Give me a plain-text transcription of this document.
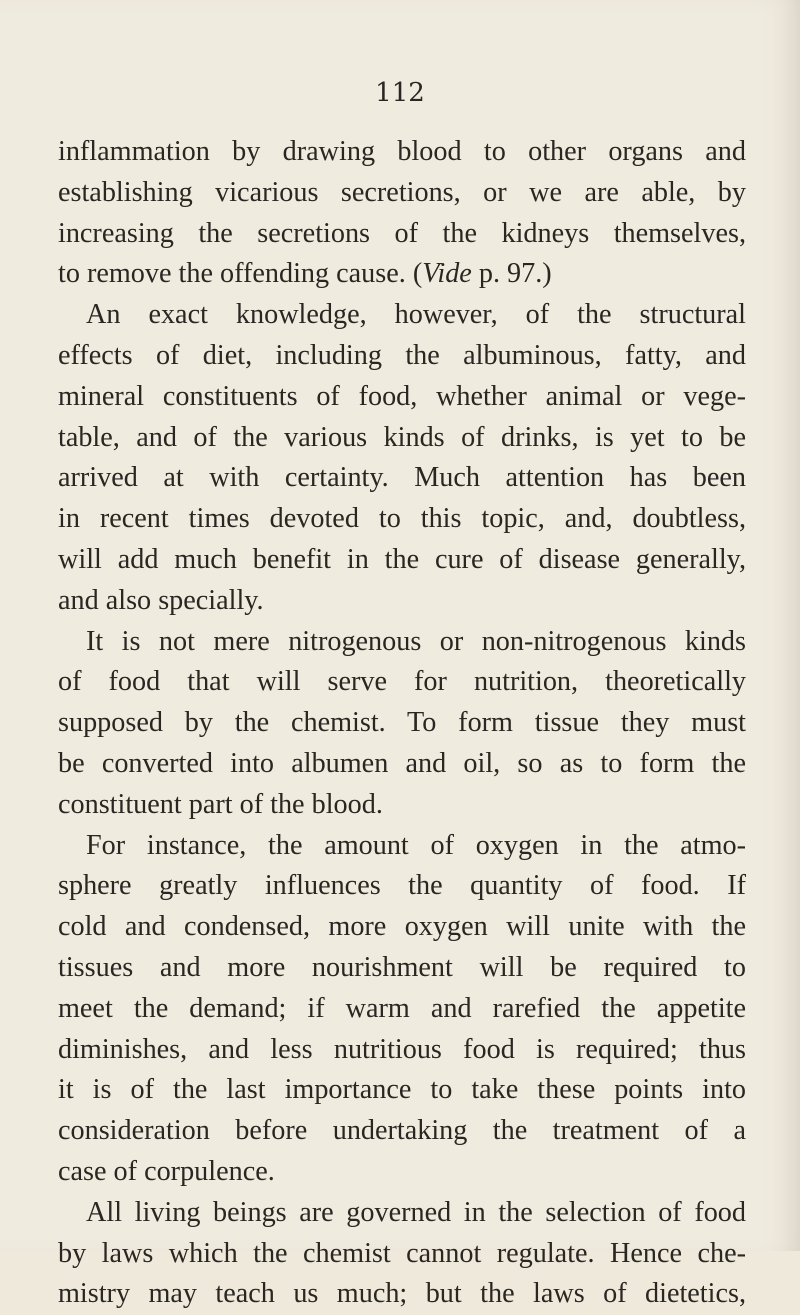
112
inflammation by drawing blood to other organs and
establishing vicarious secretions, or we are able, by
increasing the secretions of the kidneys themselves,
to remove the offending cause. (Vide p. 97.)
An exact knowledge, however, of the structural
effects of diet, including the albuminous, fatty, and
mineral constituents of food, whether animal or vege-
table, and of the various kinds of drinks, is yet to be
arrived at with certainty. Much attention has been
in recent times devoted to this topic, and, doubtless,
will add much benefit in the cure of disease generally,
and also specially.
It is not mere nitrogenous or non-nitrogenous kinds
of food that will serve for nutrition, theoretically
supposed by the chemist. To form tissue they must
be converted into albumen and oil, so as to form the
constituent part of the blood.
For instance, the amount of oxygen in the atmo-
sphere greatly influences the quantity of food. If
cold and condensed, more oxygen will unite with the
tissues and more nourishment will be required to
meet the demand; if warm and rarefied the appetite
diminishes, and less nutritious food is required; thus
it is of the last importance to take these points into
consideration before undertaking the treatment of a
case of corpulence.
All living beings are governed in the selection of food
by laws which the chemist cannot regulate. Hence che-
mistry may teach us much; but the laws of dietetics,
